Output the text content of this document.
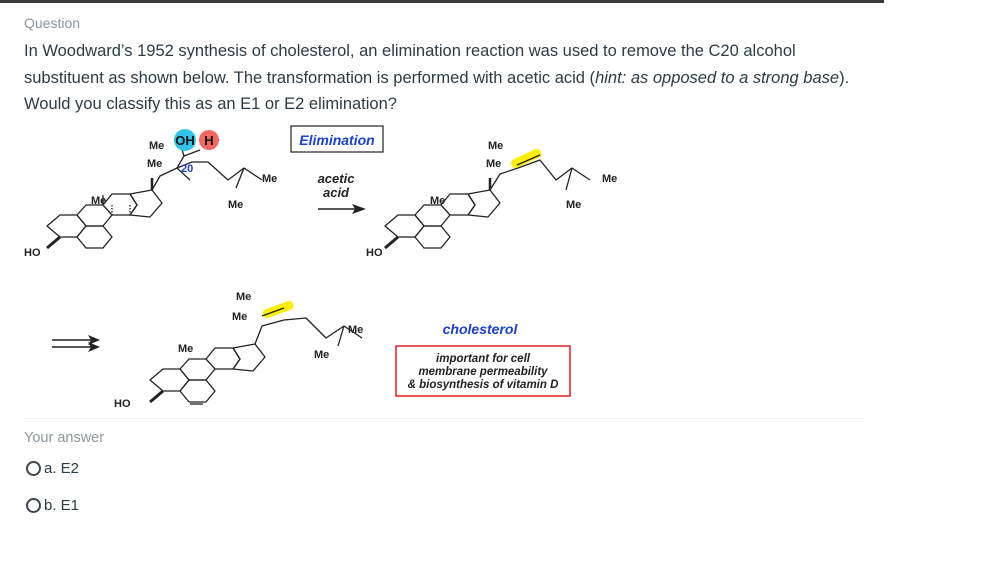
Question
In Woodward’s 1952 synthesis of cholesterol, an elimination reaction was used to remove the C20 alcohol substituent as shown below. The transformation is performed with acetic acid (hint: as opposed to a strong base). Would you classify this as an E1 or E2 elimination?
OH H
Me
Me 20
Me
Me
Me
HO
Elimination
acetic
acid
Me
Me
Me
Me
Me
HO
Me
Me
Me
Me
Me
HO
cholesterol
important for cell
membrane permeability
& biosynthesis of vitamin D
Your answer
a. E2
b. E1
